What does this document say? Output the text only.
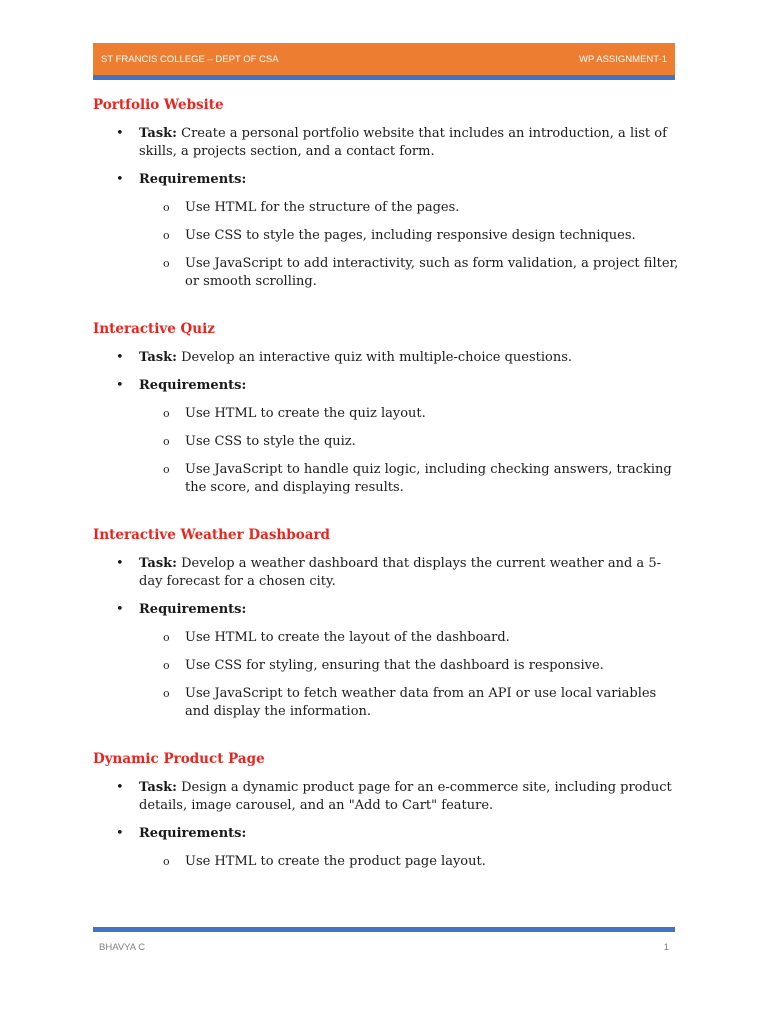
ST FRANCIS COLLEGE – DEPT OF CSA	WP ASSIGNMENT-1
Portfolio Website
• Task: Create a personal portfolio website that includes an introduction, a list of skills, a projects section, and a contact form.
• Requirements:
o Use HTML for the structure of the pages.
o Use CSS to style the pages, including responsive design techniques.
o Use JavaScript to add interactivity, such as form validation, a project filter, or smooth scrolling.
Interactive Quiz
• Task: Develop an interactive quiz with multiple-choice questions.
• Requirements:
o Use HTML to create the quiz layout.
o Use CSS to style the quiz.
o Use JavaScript to handle quiz logic, including checking answers, tracking the score, and displaying results.
Interactive Weather Dashboard
• Task: Develop a weather dashboard that displays the current weather and a 5-day forecast for a chosen city.
• Requirements:
o Use HTML to create the layout of the dashboard.
o Use CSS for styling, ensuring that the dashboard is responsive.
o Use JavaScript to fetch weather data from an API or use local variables and display the information.
Dynamic Product Page
• Task: Design a dynamic product page for an e-commerce site, including product details, image carousel, and an "Add to Cart" feature.
• Requirements:
o Use HTML to create the product page layout.
BHAVYA C	1
